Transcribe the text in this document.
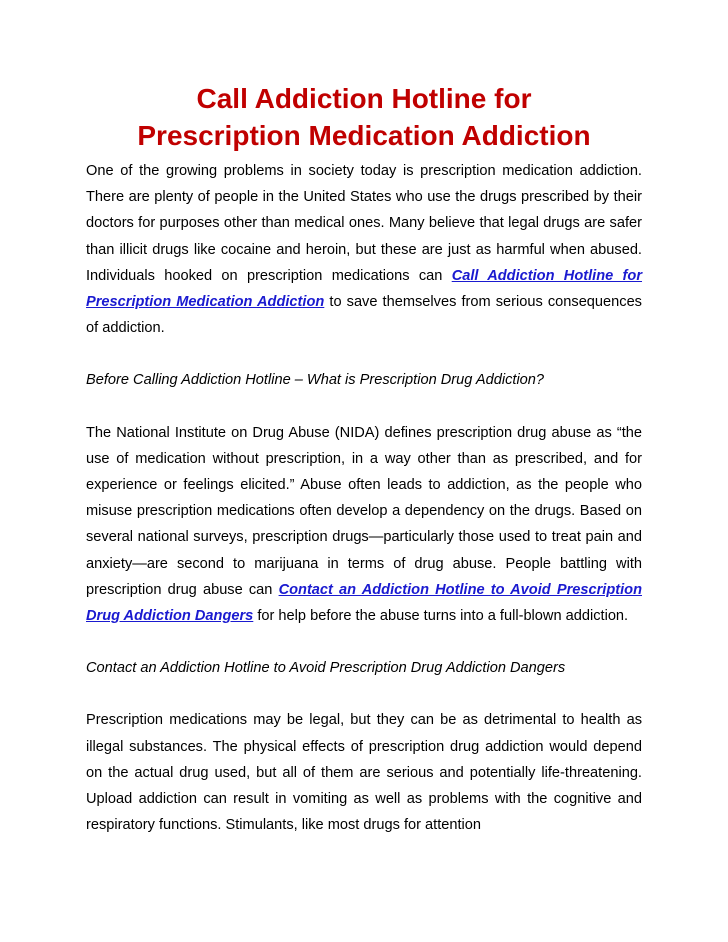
Call Addiction Hotline for
Prescription Medication Addiction

One of the growing problems in society today is prescription medication addiction. There are plenty of people in the United States who use the drugs prescribed by their doctors for purposes other than medical ones. Many believe that legal drugs are safer than illicit drugs like cocaine and heroin, but these are just as harmful when abused. Individuals hooked on prescription medications can Call Addiction Hotline for Prescription Medication Addiction to save themselves from serious consequences of addiction.

Before Calling Addiction Hotline – What is Prescription Drug Addiction?

The National Institute on Drug Abuse (NIDA) defines prescription drug abuse as “the use of medication without prescription, in a way other than as prescribed, and for experience or feelings elicited.” Abuse often leads to addiction, as the people who misuse prescription medications often develop a dependency on the drugs. Based on several national surveys, prescription drugs—particularly those used to treat pain and anxiety—are second to marijuana in terms of drug abuse. People battling with prescription drug abuse can Contact an Addiction Hotline to Avoid Prescription Drug Addiction Dangers for help before the abuse turns into a full-blown addiction.

Contact an Addiction Hotline to Avoid Prescription Drug Addiction Dangers

Prescription medications may be legal, but they can be as detrimental to health as illegal substances. The physical effects of prescription drug addiction would depend on the actual drug used, but all of them are serious and potentially life-threatening. Upload addiction can result in vomiting as well as problems with the cognitive and respiratory functions. Stimulants, like most drugs for attention
